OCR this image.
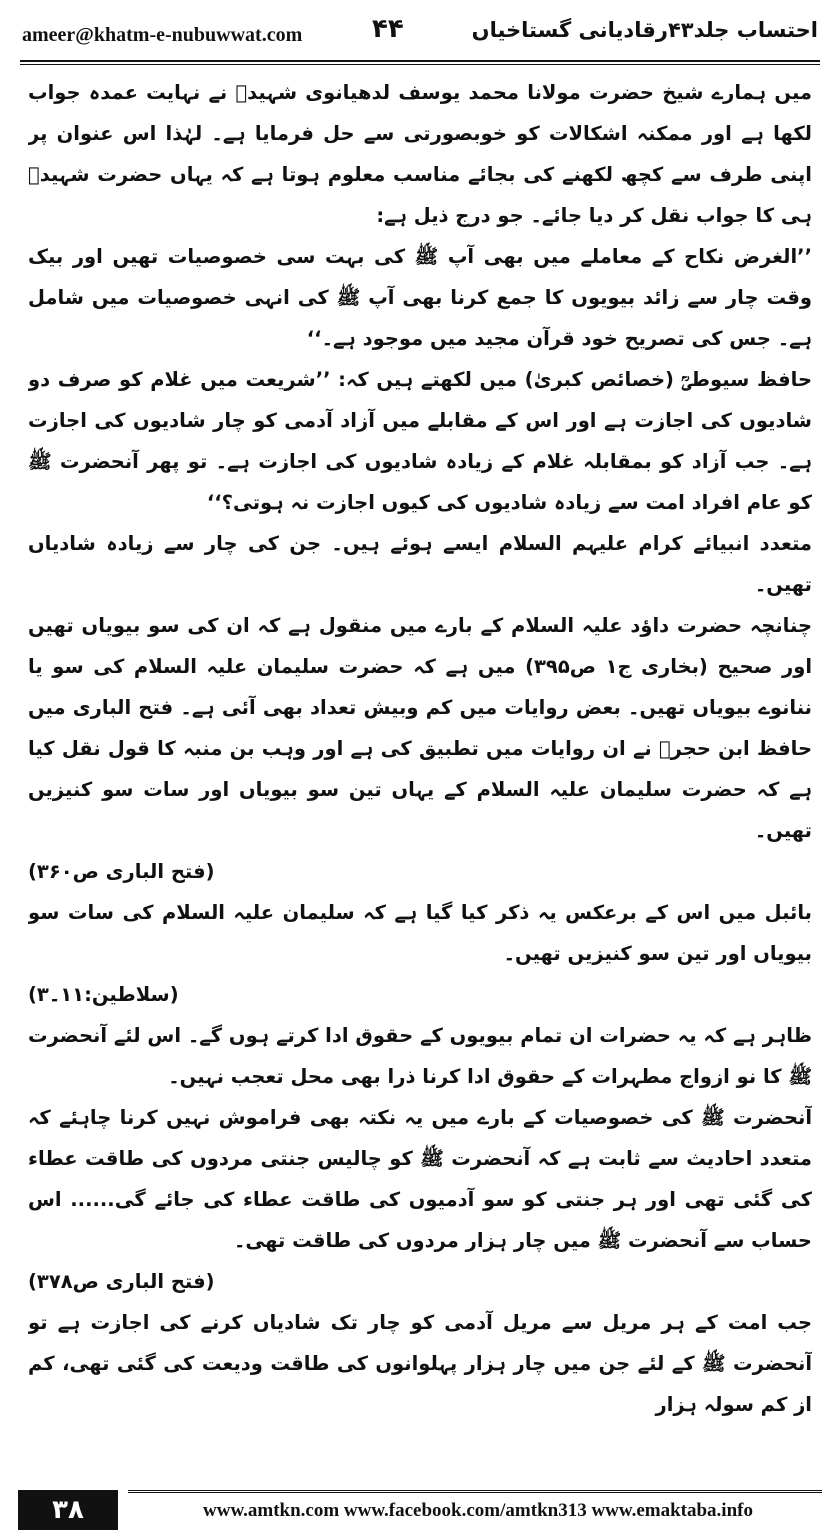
ameer@khatm-e-nubuwwat.com	۴۴	احتساب جلد۴۳رقادیانی گستاخیاں

میں ہمارے شیخ حضرت مولانا محمد یوسف لدھیانوی شہیدؒ نے نہایت عمدہ جواب لکھا ہے اور ممکنہ اشکالات کو خوبصورتی سے حل فرمایا ہے۔ لہٰذا اس عنوان پر اپنی طرف سے کچھ لکھنے کی بجائے مناسب معلوم ہوتا ہے کہ یہاں حضرت شہیدؒ ہی کا جواب نقل کر دیا جائے۔ جو درج ذیل ہے:

’’الغرض نکاح کے معاملے میں بھی آپ ﷺ کی بہت سی خصوصیات تھیں اور بیک وقت چار سے زائد بیویوں کا جمع کرنا بھی آپ ﷺ کی انہی خصوصیات میں شامل ہے۔ جس کی تصریح خود قرآن مجید میں موجود ہے۔‘‘

حافظ سیوطیؒ (خصائص کبریٰ) میں لکھتے ہیں کہ: ’’شریعت میں غلام کو صرف دو شادیوں کی اجازت ہے اور اس کے مقابلے میں آزاد آدمی کو چار شادیوں کی اجازت ہے۔ جب آزاد کو بمقابلہ غلام کے زیادہ شادیوں کی اجازت ہے۔ تو پھر آنحضرت ﷺ کو عام افراد امت سے زیادہ شادیوں کی کیوں اجازت نہ ہوتی؟‘‘

متعدد انبیائے کرام علیہم السلام ایسے ہوئے ہیں۔ جن کی چار سے زیادہ شادیاں تھیں۔

چنانچہ حضرت داؤد علیہ السلام کے بارے میں منقول ہے کہ ان کی سو بیویاں تھیں اور صحیح (بخاری ج۱ ص۳۹۵) میں ہے کہ حضرت سلیمان علیہ السلام کی سو یا ننانوے بیویاں تھیں۔ بعض روایات میں کم وبیش تعداد بھی آئی ہے۔ فتح الباری میں حافظ ابن حجرؒ نے ان روایات میں تطبیق کی ہے اور وہب بن منبہ کا قول نقل کیا ہے کہ حضرت سلیمان علیہ السلام کے یہاں تین سو بیویاں اور سات سو کنیزیں تھیں۔
(فتح الباری ص۳۶۰)

بائبل میں اس کے برعکس یہ ذکر کیا گیا ہے کہ سلیمان علیہ السلام کی سات سو بیویاں اور تین سو کنیزیں تھیں۔
(سلاطین:۱۱۔۳)

ظاہر ہے کہ یہ حضرات ان تمام بیویوں کے حقوق ادا کرتے ہوں گے۔ اس لئے آنحضرت ﷺ کا نو ازواج مطہرات کے حقوق ادا کرنا ذرا بھی محل تعجب نہیں۔

آنحضرت ﷺ کی خصوصیات کے بارے میں یہ نکتہ بھی فراموش نہیں کرنا چاہئے کہ متعدد احادیث سے ثابت ہے کہ آنحضرت ﷺ کو چالیس جنتی مردوں کی طاقت عطاء کی گئی تھی اور ہر جنتی کو سو آدمیوں کی طاقت عطاء کی جائے گی...... اس حساب سے آنحضرت ﷺ میں چار ہزار مردوں کی طاقت تھی۔
(فتح الباری ص۳۷۸)

جب امت کے ہر مریل سے مریل آدمی کو چار تک شادیاں کرنے کی اجازت ہے تو آنحضرت ﷺ کے لئے جن میں چار ہزار پہلوانوں کی طاقت ودیعت کی گئی تھی، کم از کم سولہ ہزار

۳۸	www.amtkn.com www.facebook.com/amtkn313 www.emaktaba.info
